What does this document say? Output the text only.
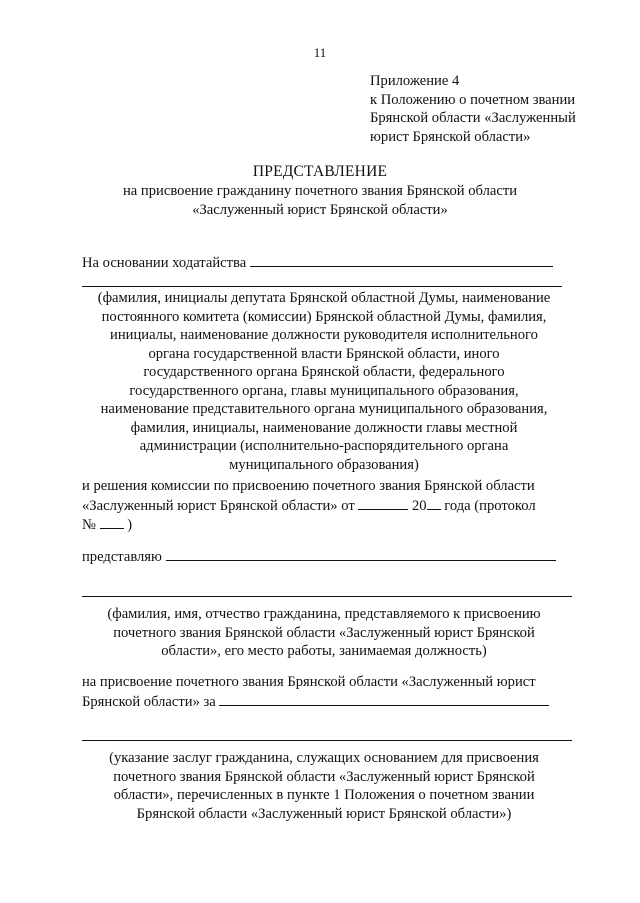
11
Приложение 4
к Положению о почетном звании
Брянской области «Заслуженный
юрист Брянской области»
ПРЕДСТАВЛЕНИЕ
на присвоение гражданину почетного звания Брянской области
«Заслуженный юрист Брянской области»
На основании ходатайства
(фамилия, инициалы депутата Брянской областной Думы, наименование
постоянного комитета (комиссии) Брянской областной Думы, фамилия,
инициалы, наименование должности руководителя исполнительного
органа государственной власти Брянской области, иного
государственного органа Брянской области, федерального
государственного органа, главы муниципального образования,
наименование представительного органа муниципального образования,
фамилия, инициалы, наименование должности главы местной
администрации (исполнительно-распорядительного органа
муниципального образования)
и решения комиссии по присвоению почетного звания Брянской области
«Заслуженный юрист Брянской области» от	20 года (протокол
№  )
представляю
(фамилия, имя, отчество гражданина, представляемого к присвоению
почетного звания Брянской области «Заслуженный юрист Брянской
области», его место работы, занимаемая должность)
на присвоение почетного звания Брянской области «Заслуженный юрист
Брянской области» за
(указание заслуг гражданина, служащих основанием для присвоения
почетного звания Брянской области «Заслуженный юрист Брянской
области», перечисленных в пункте 1 Положения о почетном звании
Брянской области «Заслуженный юрист Брянской области»)
